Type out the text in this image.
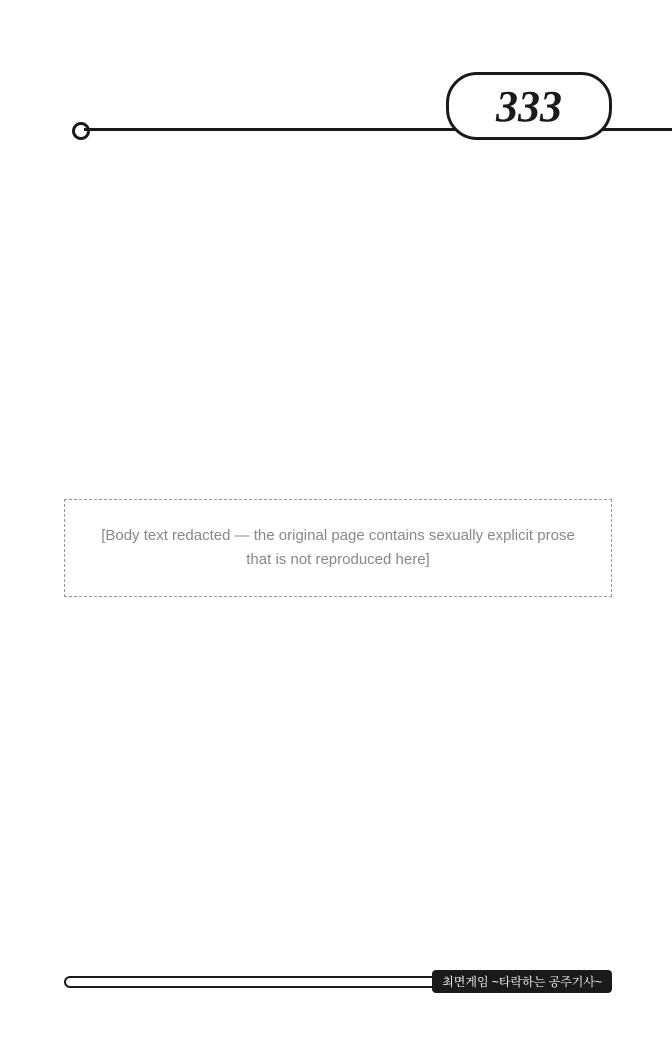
333
[Body text redacted — the original page contains sexually explicit prose that is not reproduced here]
최면게임 ~타락하는 공주기사~
